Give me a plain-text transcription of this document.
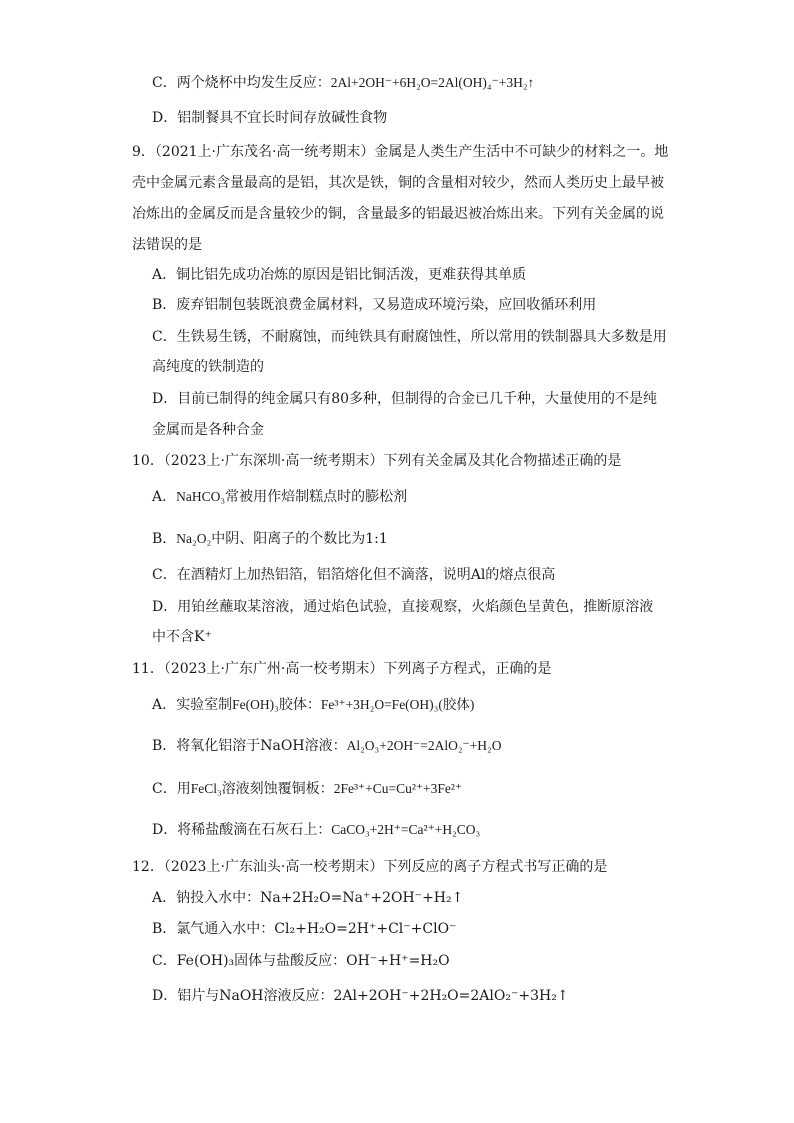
C．两个烧杯中均发生反应：2Al+2OH⁻+6H₂O=2Al(OH)₄⁻+3H₂↑
D．铝制餐具不宜长时间存放碱性食物
9．（2021上·广东茂名·高一统考期末）金属是人类生产生活中不可缺少的材料之一。地
壳中金属元素含量最高的是铝，其次是铁，铜的含量相对较少，然而人类历史上最早被
冶炼出的金属反而是含量较少的铜，含量最多的铝最迟被冶炼出来。下列有关金属的说
法错误的是
A．铜比铝先成功冶炼的原因是铝比铜活泼，更难获得其单质
B．废弃铝制包装既浪费金属材料，又易造成环境污染，应回收循环利用
C．生铁易生锈，不耐腐蚀，而纯铁具有耐腐蚀性，所以常用的铁制器具大多数是用
高纯度的铁制造的
D．目前已制得的纯金属只有80多种，但制得的合金已几千种，大量使用的不是纯
金属而是各种合金
10．（2023上·广东深圳·高一统考期末）下列有关金属及其化合物描述正确的是
A．NaHCO₃常被用作焙制糕点时的膨松剂
B．Na₂O₂中阴、阳离子的个数比为1:1
C．在酒精灯上加热铝箔，铝箔熔化但不滴落，说明Al的熔点很高
D．用铂丝蘸取某溶液，通过焰色试验，直接观察，火焰颜色呈黄色，推断原溶液
中不含K⁺
11．（2023上·广东广州·高一校考期末）下列离子方程式，正确的是
A．实验室制Fe(OH)₃胶体：Fe³⁺+3H₂O=Fe(OH)₃(胶体)
B．将氧化铝溶于NaOH溶液：Al₂O₃+2OH⁻=2AlO₂⁻+H₂O
C．用FeCl₃溶液刻蚀覆铜板：2Fe³⁺+Cu=Cu²⁺+3Fe²⁺
D．将稀盐酸滴在石灰石上：CaCO₃+2H⁺=Ca²⁺+H₂CO₃
12．（2023上·广东汕头·高一校考期末）下列反应的离子方程式书写正确的是
A．钠投入水中：Na+2H₂O=Na⁺+2OH⁻+H₂↑
B．氯气通入水中：Cl₂+H₂O=2H⁺+Cl⁻+ClO⁻
C．Fe(OH)₃固体与盐酸反应：OH⁻+H⁺=H₂O
D．铝片与NaOH溶液反应：2Al+2OH⁻+2H₂O=2AlO₂⁻+3H₂↑
